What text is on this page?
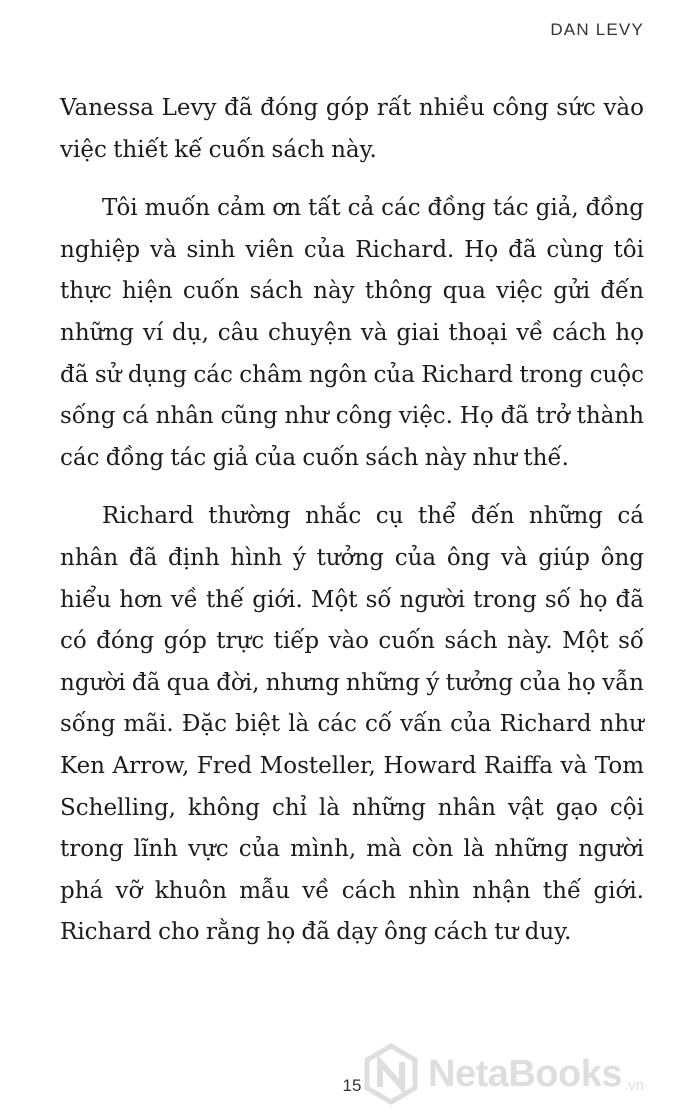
DAN LEVY

Vanessa Levy đã đóng góp rất nhiều công sức vào việc thiết kế cuốn sách này.

Tôi muốn cảm ơn tất cả các đồng tác giả, đồng nghiệp và sinh viên của Richard. Họ đã cùng tôi thực hiện cuốn sách này thông qua việc gửi đến những ví dụ, câu chuyện và giai thoại về cách họ đã sử dụng các châm ngôn của Richard trong cuộc sống cá nhân cũng như công việc. Họ đã trở thành các đồng tác giả của cuốn sách này như thế.

Richard thường nhắc cụ thể đến những cá nhân đã định hình ý tưởng của ông và giúp ông hiểu hơn về thế giới. Một số người trong số họ đã có đóng góp trực tiếp vào cuốn sách này. Một số người đã qua đời, nhưng những ý tưởng của họ vẫn sống mãi. Đặc biệt là các cố vấn của Richard như Ken Arrow, Fred Mosteller, Howard Raiffa và Tom Schelling, không chỉ là những nhân vật gạo cội trong lĩnh vực của mình, mà còn là những người phá vỡ khuôn mẫu về cách nhìn nhận thế giới. Richard cho rằng họ đã dạy ông cách tư duy.

NetaBooks .vn
15
